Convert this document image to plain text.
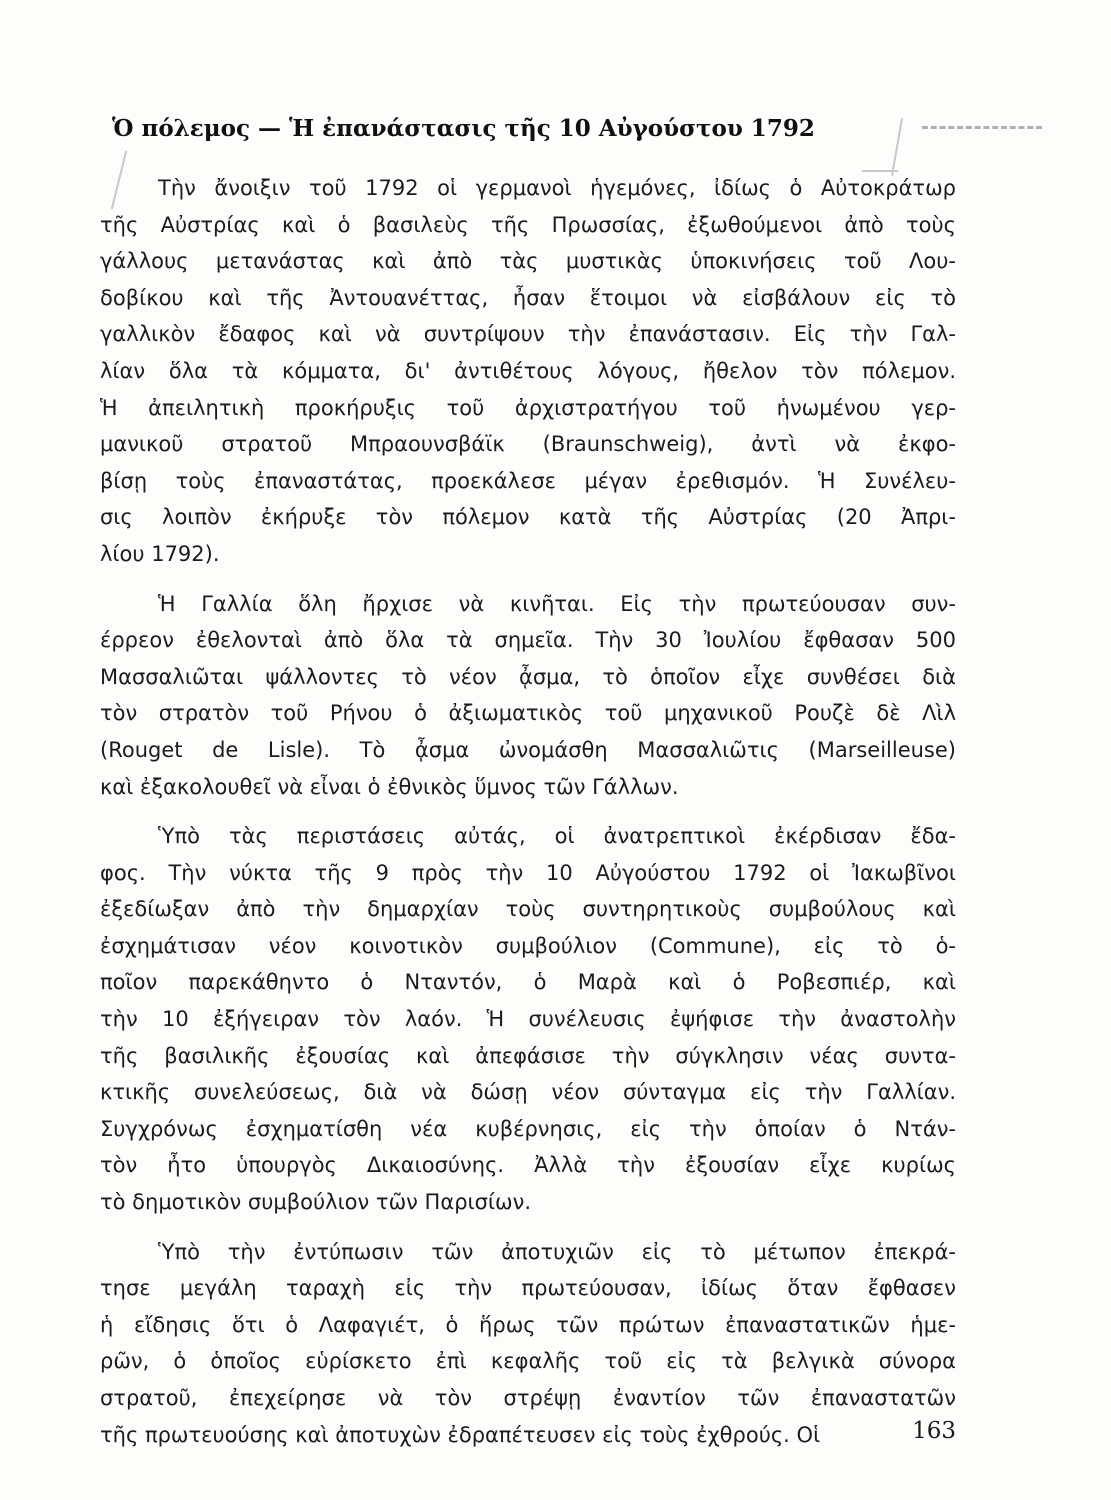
Ὁ πόλεμος — Ἡ ἐπανάστασις τῆς 10 Αὐγούστου 1792
Τὴν ἄνοιξιν τοῦ 1792 οἱ γερμανοὶ ἡγεμόνες, ἰδίως ὁ Αὐτοκράτωρ
τῆς Αὐστρίας καὶ ὁ βασιλεὺς τῆς Πρωσσίας, ἐξωθούμενοι ἀπὸ τοὺς
γάλλους μετανάστας καὶ ἀπὸ τὰς μυστικὰς ὑποκινήσεις τοῦ Λου-
δοβίκου καὶ τῆς Ἀντουανέττας, ἦσαν ἕτοιμοι νὰ εἰσβάλουν εἰς τὸ
γαλλικὸν ἔδαφος καὶ νὰ συντρίψουν τὴν ἐπανάστασιν. Εἰς τὴν Γαλ-
λίαν ὅλα τὰ κόμματα, δι' ἀντιθέτους λόγους, ἤθελον τὸν πόλεμον.
Ἡ ἀπειλητικὴ προκήρυξις τοῦ ἀρχιστρατήγου τοῦ ἡνωμένου γερ-
μανικοῦ στρατοῦ Μπραουνσβάϊκ (Braunschweig), ἀντὶ νὰ ἐκφο-
βίσῃ τοὺς ἐπαναστάτας, προεκάλεσε μέγαν ἐρεθισμόν. Ἡ Συνέλευ-
σις λοιπὸν ἐκήρυξε τὸν πόλεμον κατὰ τῆς Αὐστρίας (20 Ἀπρι-
λίου 1792).
Ἡ Γαλλία ὅλη ἤρχισε νὰ κινῆται. Εἰς τὴν πρωτεύουσαν συν-
έρρεον ἐθελονταὶ ἀπὸ ὅλα τὰ σημεῖα. Τὴν 30 Ἰουλίου ἔφθασαν 500
Μασσαλιῶται ψάλλοντες τὸ νέον ᾆσμα, τὸ ὁποῖον εἶχε συνθέσει διὰ
τὸν στρατὸν τοῦ Ρήνου ὁ ἀξιωματικὸς τοῦ μηχανικοῦ Ρουζὲ δὲ Λὶλ
(Rouget de Lisle). Τὸ ᾆσμα ὠνομάσθη Μασσαλιῶτις (Marseilleuse)
καὶ ἐξακολουθεῖ νὰ εἶναι ὁ ἐθνικὸς ὕμνος τῶν Γάλλων.
Ὑπὸ τὰς περιστάσεις αὐτάς, οἱ ἀνατρεπτικοὶ ἐκέρδισαν ἔδα-
φος. Τὴν νύκτα τῆς 9 πρὸς τὴν 10 Αὐγούστου 1792 οἱ Ἰακωβῖνοι
ἐξεδίωξαν ἀπὸ τὴν δημαρχίαν τοὺς συντηρητικοὺς συμβούλους καὶ
ἐσχημάτισαν νέον κοινοτικὸν συμβούλιον (Commune), εἰς τὸ ὁ-
ποῖον παρεκάθηντο ὁ Νταντόν, ὁ Μαρὰ καὶ ὁ Ροβεσπιέρ, καὶ
τὴν 10 ἐξήγειραν τὸν λαόν. Ἡ συνέλευσις ἐψήφισε τὴν ἀναστολὴν
τῆς βασιλικῆς ἐξουσίας καὶ ἀπεφάσισε τὴν σύγκλησιν νέας συντα-
κτικῆς συνελεύσεως, διὰ νὰ δώσῃ νέον σύνταγμα εἰς τὴν Γαλλίαν.
Συγχρόνως ἐσχηματίσθη νέα κυβέρνησις, εἰς τὴν ὁποίαν ὁ Ντάν-
τὸν ἦτο ὑπουργὸς Δικαιοσύνης. Ἀλλὰ τὴν ἐξουσίαν εἶχε κυρίως
τὸ δημοτικὸν συμβούλιον τῶν Παρισίων.
Ὑπὸ τὴν ἐντύπωσιν τῶν ἀποτυχιῶν εἰς τὸ μέτωπον ἐπεκρά-
τησε μεγάλη ταραχὴ εἰς τὴν πρωτεύουσαν, ἰδίως ὅταν ἔφθασεν
ἡ εἴδησις ὅτι ὁ Λαφαγιέτ, ὁ ἥρως τῶν πρώτων ἐπαναστατικῶν ἡμε-
ρῶν, ὁ ὁποῖος εὑρίσκετο ἐπὶ κεφαλῆς τοῦ εἰς τὰ βελγικὰ σύνορα
στρατοῦ, ἐπεχείρησε νὰ τὸν στρέψῃ ἐναντίον τῶν ἐπαναστατῶν
τῆς πρωτευούσης καὶ ἀποτυχὼν ἐδραπέτευσεν εἰς τοὺς ἐχθρούς. Οἱ	163
